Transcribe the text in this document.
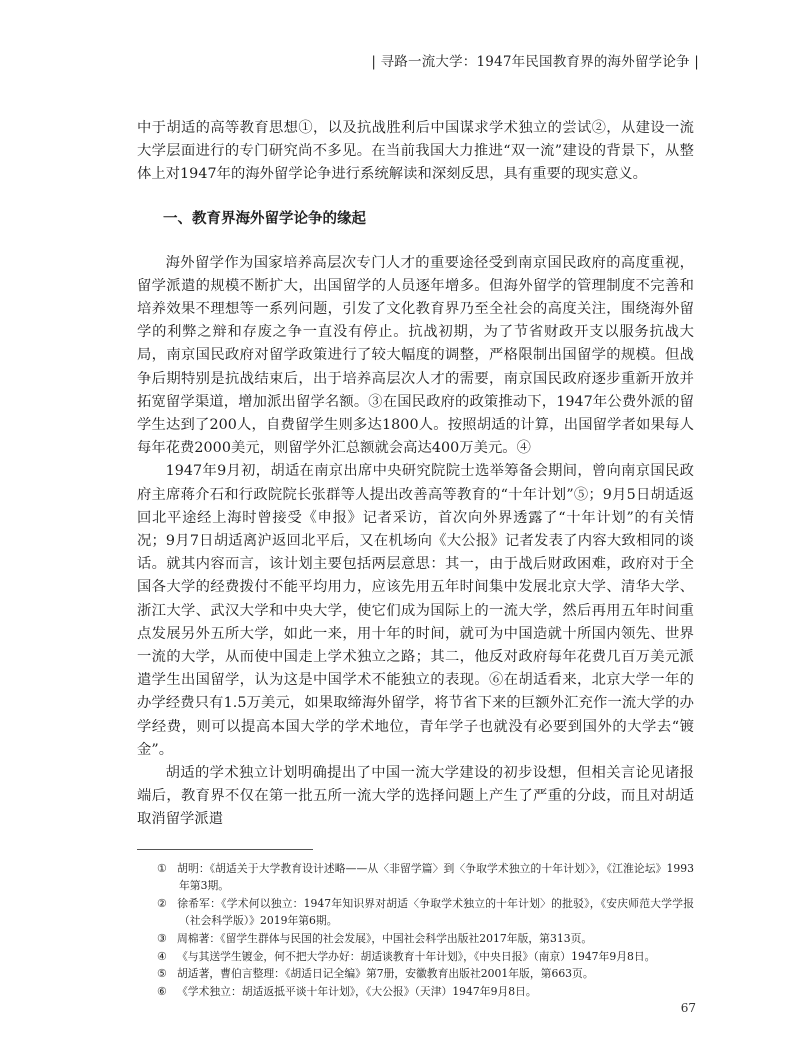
| 寻路一流大学：1947年民国教育界的海外留学论争 |

中于胡适的高等教育思想①，以及抗战胜利后中国谋求学术独立的尝试②，从建设一流大学层面进行的专门研究尚不多见。在当前我国大力推进“双一流”建设的背景下，从整体上对1947年的海外留学论争进行系统解读和深刻反思，具有重要的现实意义。

一、教育界海外留学论争的缘起

海外留学作为国家培养高层次专门人才的重要途径受到南京国民政府的高度重视，留学派遣的规模不断扩大，出国留学的人员逐年增多。但海外留学的管理制度不完善和培养效果不理想等一系列问题，引发了文化教育界乃至全社会的高度关注，围绕海外留学的利弊之辩和存废之争一直没有停止。抗战初期，为了节省财政开支以服务抗战大局，南京国民政府对留学政策进行了较大幅度的调整，严格限制出国留学的规模。但战争后期特别是抗战结束后，出于培养高层次人才的需要，南京国民政府逐步重新开放并拓宽留学渠道，增加派出留学名额。③在国民政府的政策推动下，1947年公费外派的留学生达到了200人，自费留学生则多达1800人。按照胡适的计算，出国留学者如果每人每年花费2000美元，则留学外汇总额就会高达400万美元。④

1947年9月初，胡适在南京出席中央研究院院士选举筹备会期间，曾向南京国民政府主席蒋介石和行政院院长张群等人提出改善高等教育的“十年计划”⑤；9月5日胡适返回北平途经上海时曾接受《申报》记者采访，首次向外界透露了“十年计划”的有关情况；9月7日胡适离沪返回北平后，又在机场向《大公报》记者发表了内容大致相同的谈话。就其内容而言，该计划主要包括两层意思：其一，由于战后财政困难，政府对于全国各大学的经费拨付不能平均用力，应该先用五年时间集中发展北京大学、清华大学、浙江大学、武汉大学和中央大学，使它们成为国际上的一流大学，然后再用五年时间重点发展另外五所大学，如此一来，用十年的时间，就可为中国造就十所国内领先、世界一流的大学，从而使中国走上学术独立之路；其二，他反对政府每年花费几百万美元派遣学生出国留学，认为这是中国学术不能独立的表现。⑥在胡适看来，北京大学一年的办学经费只有1.5万美元，如果取缔海外留学，将节省下来的巨额外汇充作一流大学的办学经费，则可以提高本国大学的学术地位，青年学子也就没有必要到国外的大学去“镀金”。

胡适的学术独立计划明确提出了中国一流大学建设的初步设想，但相关言论见诸报端后，教育界不仅在第一批五所一流大学的选择问题上产生了严重的分歧，而且对胡适取消留学派遣

① 胡明：《胡适关于大学教育设计述略——从〈非留学篇〉到〈争取学术独立的十年计划〉》，《江淮论坛》1993年第3期。

② 徐希军：《学术何以独立：1947年知识界对胡适〈争取学术独立的十年计划〉的批驳》，《安庆师范大学学报（社会科学版）》2019年第6期。

③ 周棉著：《留学生群体与民国的社会发展》，中国社会科学出版社2017年版，第313页。

④ 《与其送学生镀金，何不把大学办好：胡适谈教育十年计划》，《中央日报》（南京）1947年9月8日。

⑤ 胡适著，曹伯言整理：《胡适日记全编》第7册，安徽教育出版社2001年版，第663页。

⑥ 《学术独立：胡适返抵平谈十年计划》，《大公报》（天津）1947年9月8日。

67
